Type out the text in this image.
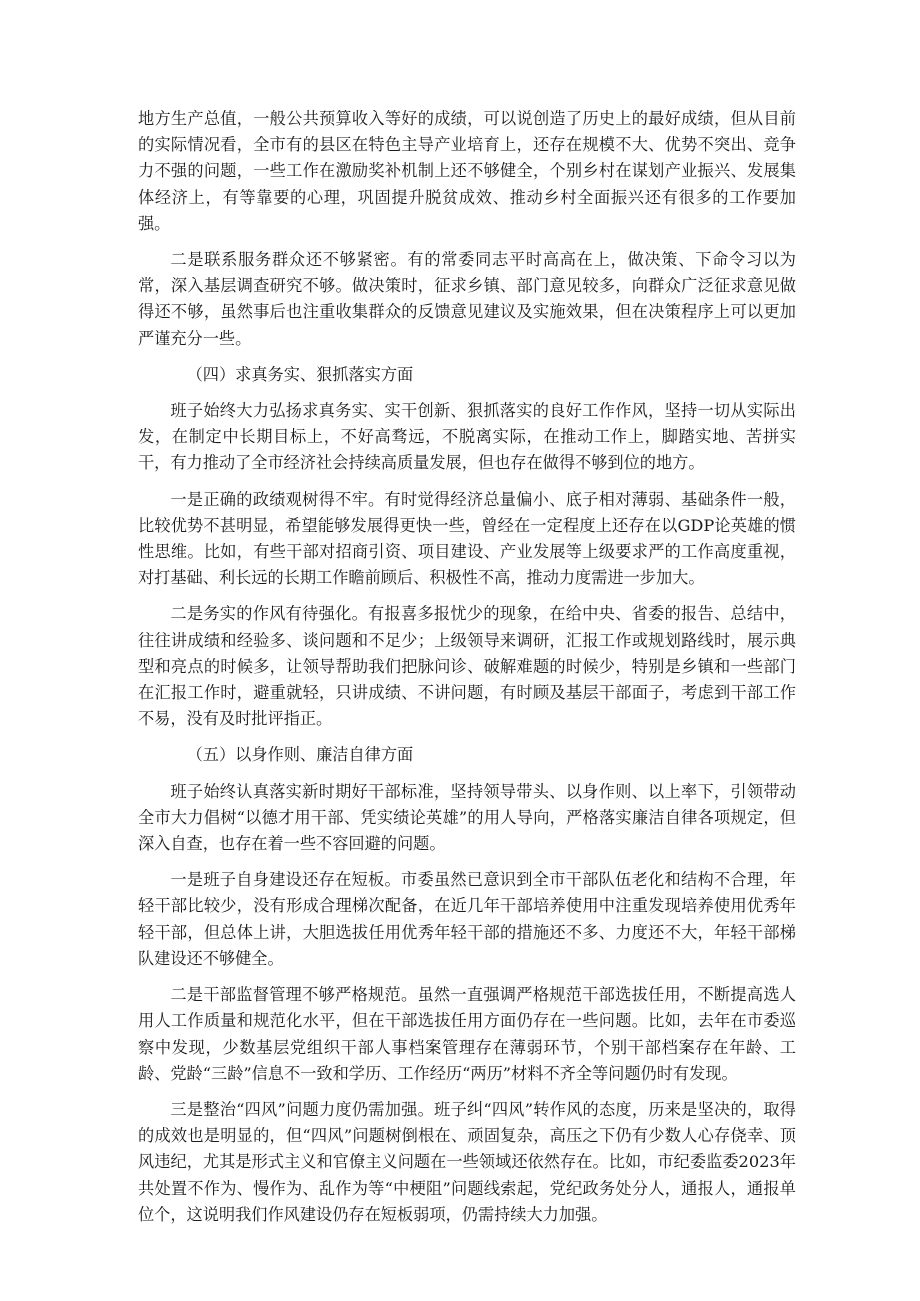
地方生产总值，一般公共预算收入等好的成绩，可以说创造了历史上的最好成绩，但从目前的实际情况看，全市有的县区在特色主导产业培育上，还存在规模不大、优势不突出、竞争力不强的问题，一些工作在激励奖补机制上还不够健全，个别乡村在谋划产业振兴、发展集体经济上，有等靠要的心理，巩固提升脱贫成效、推动乡村全面振兴还有很多的工作要加强。

二是联系服务群众还不够紧密。有的常委同志平时高高在上，做决策、下命令习以为常，深入基层调查研究不够。做决策时，征求乡镇、部门意见较多，向群众广泛征求意见做得还不够，虽然事后也注重收集群众的反馈意见建议及实施效果，但在决策程序上可以更加严谨充分一些。

（四）求真务实、狠抓落实方面

班子始终大力弘扬求真务实、实干创新、狠抓落实的良好工作作风，坚持一切从实际出发，在制定中长期目标上，不好高骛远，不脱离实际，在推动工作上，脚踏实地、苦拼实干，有力推动了全市经济社会持续高质量发展，但也存在做得不够到位的地方。

一是正确的政绩观树得不牢。有时觉得经济总量偏小、底子相对薄弱、基础条件一般，比较优势不甚明显，希望能够发展得更快一些，曾经在一定程度上还存在以GDP论英雄的惯性思维。比如，有些干部对招商引资、项目建设、产业发展等上级要求严的工作高度重视，对打基础、利长远的长期工作瞻前顾后、积极性不高，推动力度需进一步加大。

二是务实的作风有待强化。有报喜多报忧少的现象，在给中央、省委的报告、总结中，往往讲成绩和经验多、谈问题和不足少；上级领导来调研，汇报工作或规划路线时，展示典型和亮点的时候多，让领导帮助我们把脉问诊、破解难题的时候少，特别是乡镇和一些部门在汇报工作时，避重就轻，只讲成绩、不讲问题，有时顾及基层干部面子，考虑到干部工作不易，没有及时批评指正。

（五）以身作则、廉洁自律方面

班子始终认真落实新时期好干部标准，坚持领导带头、以身作则、以上率下，引领带动全市大力倡树“以德才用干部、凭实绩论英雄”的用人导向，严格落实廉洁自律各项规定，但深入自查，也存在着一些不容回避的问题。

一是班子自身建设还存在短板。市委虽然已意识到全市干部队伍老化和结构不合理，年轻干部比较少，没有形成合理梯次配备，在近几年干部培养使用中注重发现培养使用优秀年轻干部，但总体上讲，大胆选拔任用优秀年轻干部的措施还不多、力度还不大，年轻干部梯队建设还不够健全。

二是干部监督管理不够严格规范。虽然一直强调严格规范干部选拔任用，不断提高选人用人工作质量和规范化水平，但在干部选拔任用方面仍存在一些问题。比如，去年在市委巡察中发现，少数基层党组织干部人事档案管理存在薄弱环节，个别干部档案存在年龄、工龄、党龄“三龄”信息不一致和学历、工作经历“两历”材料不齐全等问题仍时有发现。

三是整治“四风”问题力度仍需加强。班子纠“四风”转作风的态度，历来是坚决的，取得的成效也是明显的，但“四风”问题树倒根在、顽固复杂，高压之下仍有少数人心存侥幸、顶风违纪，尤其是形式主义和官僚主义问题在一些领域还依然存在。比如，市纪委监委2023年共处置不作为、慢作为、乱作为等“中梗阻”问题线索起，党纪政务处分人，通报人，通报单位个，这说明我们作风建设仍存在短板弱项，仍需持续大力加强。
